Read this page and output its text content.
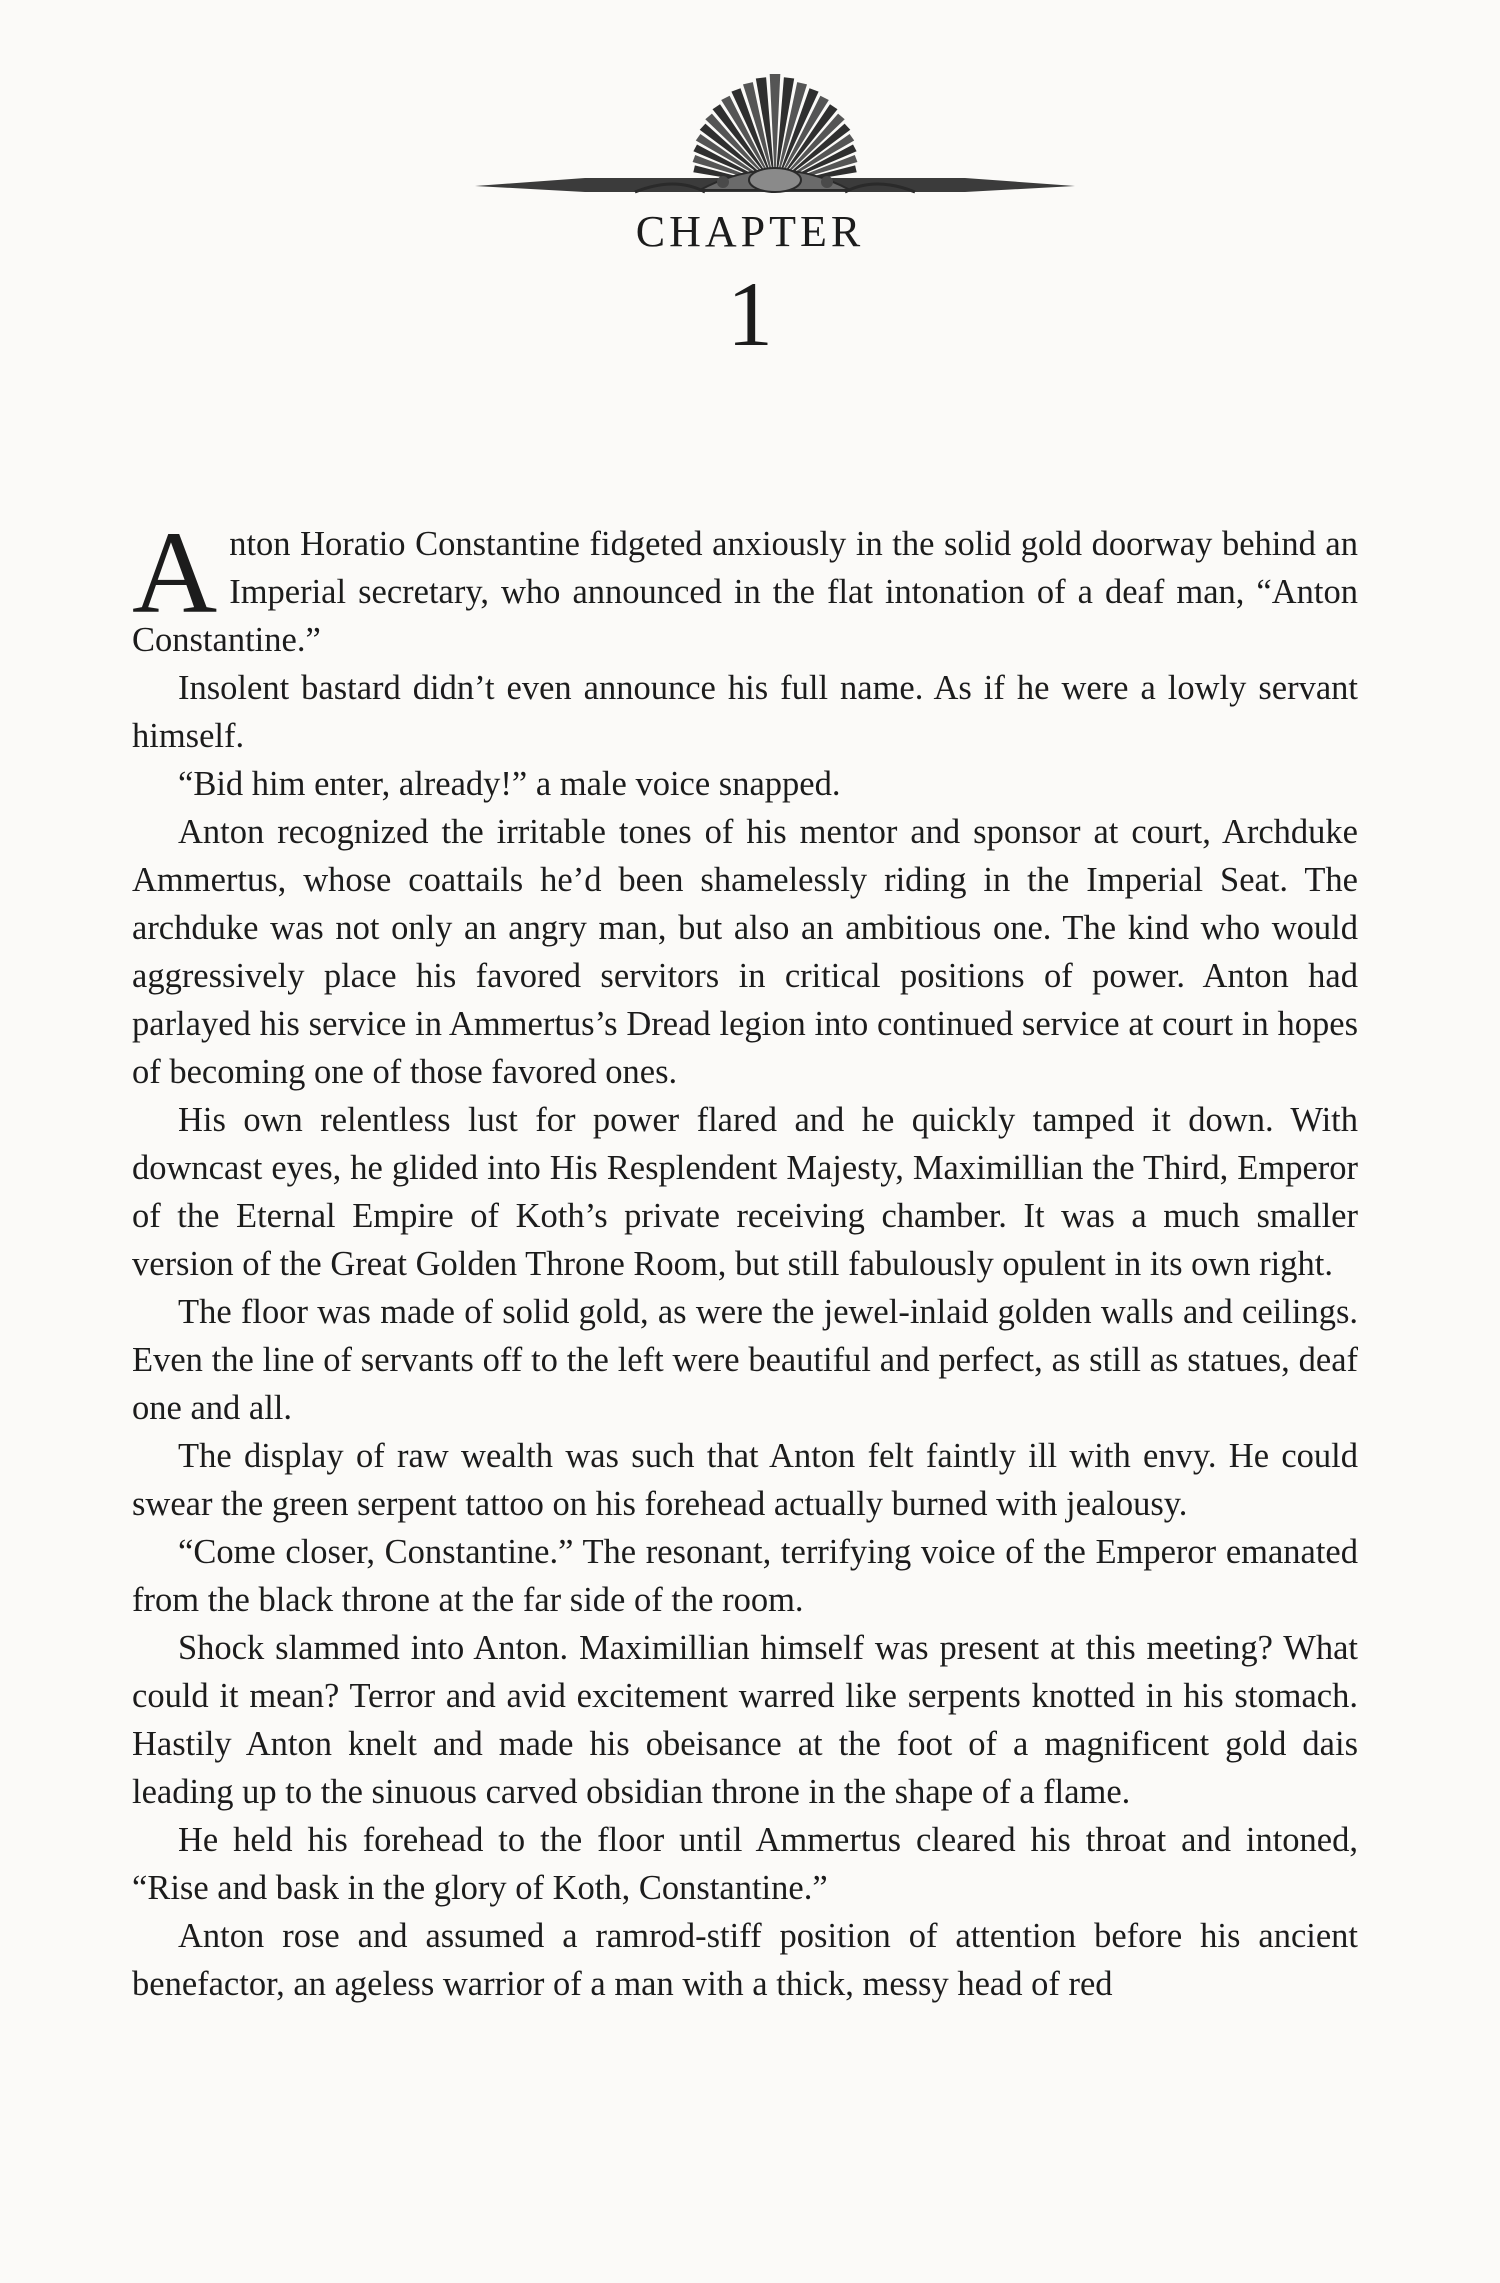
CHAPTER
1

Anton Horatio Constantine fidgeted anxiously in the solid gold doorway behind an Imperial secretary, who announced in the flat intonation of a deaf man, “Anton Constantine.”

Insolent bastard didn’t even announce his full name. As if he were a lowly servant himself.

“Bid him enter, already!” a male voice snapped.

Anton recognized the irritable tones of his mentor and sponsor at court, Archduke Ammertus, whose coattails he’d been shamelessly riding in the Imperial Seat. The archduke was not only an angry man, but also an ambitious one. The kind who would aggressively place his favored servitors in critical positions of power. Anton had parlayed his service in Ammertus’s Dread legion into continued service at court in hopes of becoming one of those favored ones.

His own relentless lust for power flared and he quickly tamped it down. With downcast eyes, he glided into His Resplendent Majesty, Maximillian the Third, Emperor of the Eternal Empire of Koth’s private receiving chamber. It was a much smaller version of the Great Golden Throne Room, but still fabulously opulent in its own right.

The floor was made of solid gold, as were the jewel-inlaid golden walls and ceilings. Even the line of servants off to the left were beautiful and perfect, as still as statues, deaf one and all.

The display of raw wealth was such that Anton felt faintly ill with envy. He could swear the green serpent tattoo on his forehead actually burned with jealousy.

“Come closer, Constantine.” The resonant, terrifying voice of the Emperor emanated from the black throne at the far side of the room.

Shock slammed into Anton. Maximillian himself was present at this meeting? What could it mean? Terror and avid excitement warred like serpents knotted in his stomach. Hastily Anton knelt and made his obeisance at the foot of a magnificent gold dais leading up to the sinuous carved obsidian throne in the shape of a flame.

He held his forehead to the floor until Ammertus cleared his throat and intoned, “Rise and bask in the glory of Koth, Constantine.”

Anton rose and assumed a ramrod-stiff position of attention before his ancient benefactor, an ageless warrior of a man with a thick, messy head of red
